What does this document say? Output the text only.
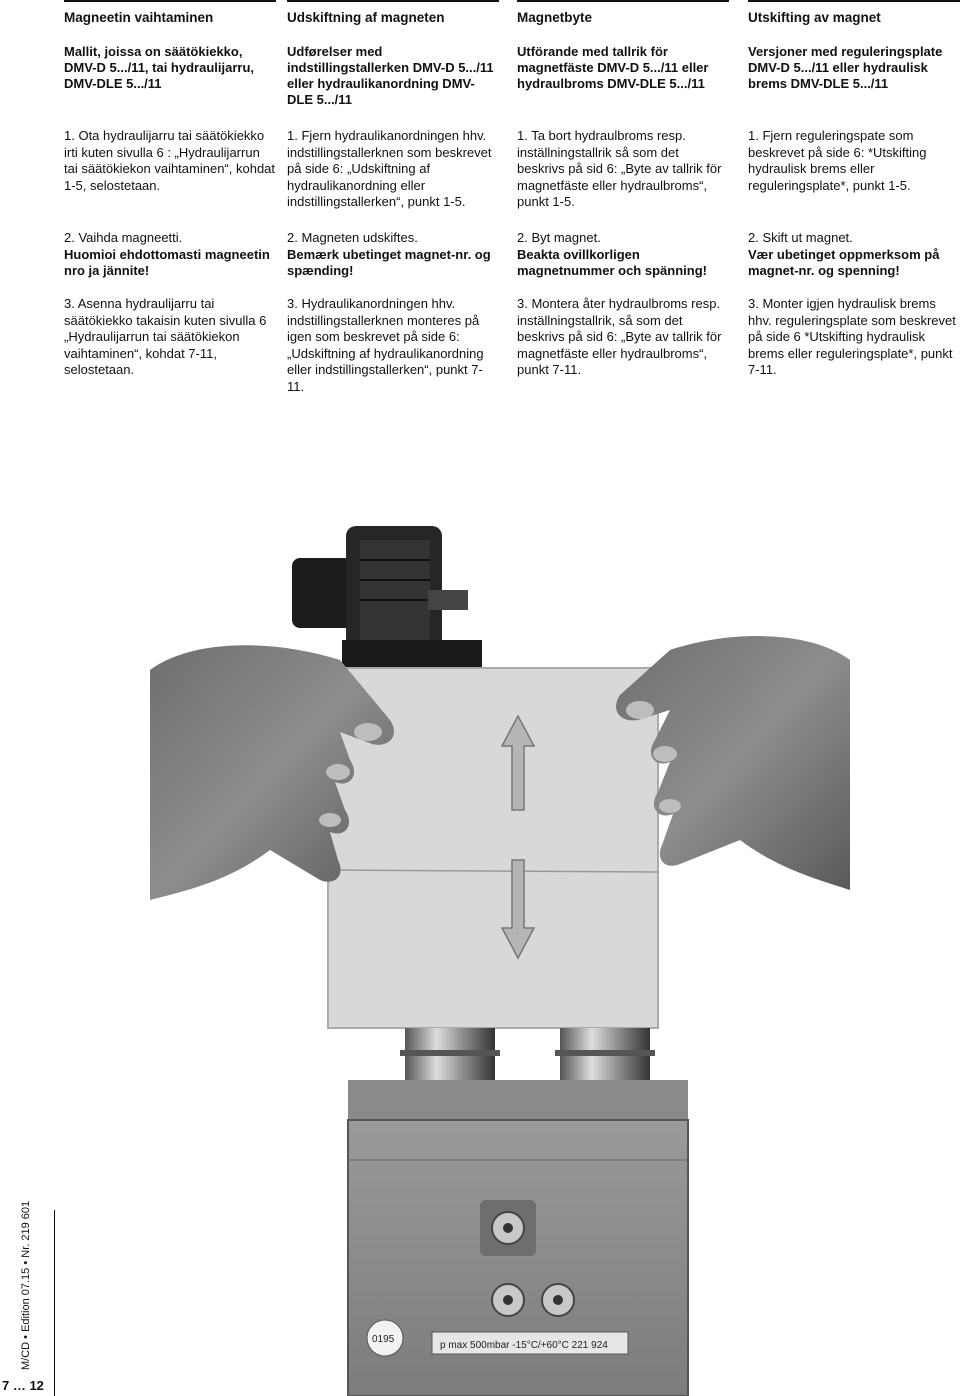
Magneetin vaihtaminen
Mallit, joissa on säätökiekko, DMV-D 5.../11, tai hydraulijarru, DMV-DLE 5.../11
1. Ota hydraulijarru tai säätökiekko irti kuten sivulla 6 : „Hydraulijarrun tai säätökiekon vaihtaminen“, kohdat 1-5, selostetaan.
2. Vaihda magneetti.
Huomioi ehdottomasti magneetin nro ja jännite!
3. Asenna hydraulijarru tai säätökiekko takaisin kuten sivulla 6 „Hydraulijarrun tai säätökiekon vaihtaminen“, kohdat 7-11, selostetaan.
Udskiftning af magneten
Udførelser med indstillingstallerken DMV-D 5.../11 eller hydraulikanordning DMV-DLE 5.../11
1. Fjern hydraulikanordningen hhv. indstillingstallerknen som beskrevet på side 6: „Udskiftning af hydraulikanordning eller indstillingstallerken“, punkt 1-5.
2. Magneten udskiftes.
Bemærk ubetinget magnet-nr. og spænding!
3. Hydraulikanordningen hhv. indstillingstallerknen monteres på igen som beskrevet på side 6: „Udskiftning af hydraulikanordning eller indstillingstallerken“, punkt 7-11.
Magnetbyte
Utförande med tallrik för magnetfäste DMV-D 5.../11 eller hydraulbroms DMV-DLE 5.../11
1. Ta bort hydraulbroms resp. inställningstallrik så som det beskrivs på sid 6: „Byte av tallrik för magnetfäste eller hydraulbroms“, punkt 1-5.
2. Byt magnet.
Beakta ovillkorligen magnetnummer och spänning!
3. Montera åter hydraulbroms resp. inställningstallrik, så som det beskrivs på sid 6: „Byte av tallrik för magnetfäste eller hydraulbroms“, punkt 7-11.
Utskifting av magnet
Versjoner med reguleringsplate DMV-D 5.../11 eller hydraulisk brems DMV-DLE 5.../11
1. Fjern reguleringspate som beskrevet på side 6: *Utskifting hydraulisk brems eller reguleringsplate*, punkt 1-5.
2. Skift ut magnet.
Vær ubetinget oppmerksom på magnet-nr. og spenning!
3. Monter igjen hydraulisk brems hhv. reguleringsplate som beskrevet på side 6 *Utskifting hydraulisk brems eller reguleringsplate*, punkt 7-11.
p max 500mbar -15°C/+60°C 221 924
0195
M/CD • Edition 07.15 • Nr. 219 601
7 … 12
